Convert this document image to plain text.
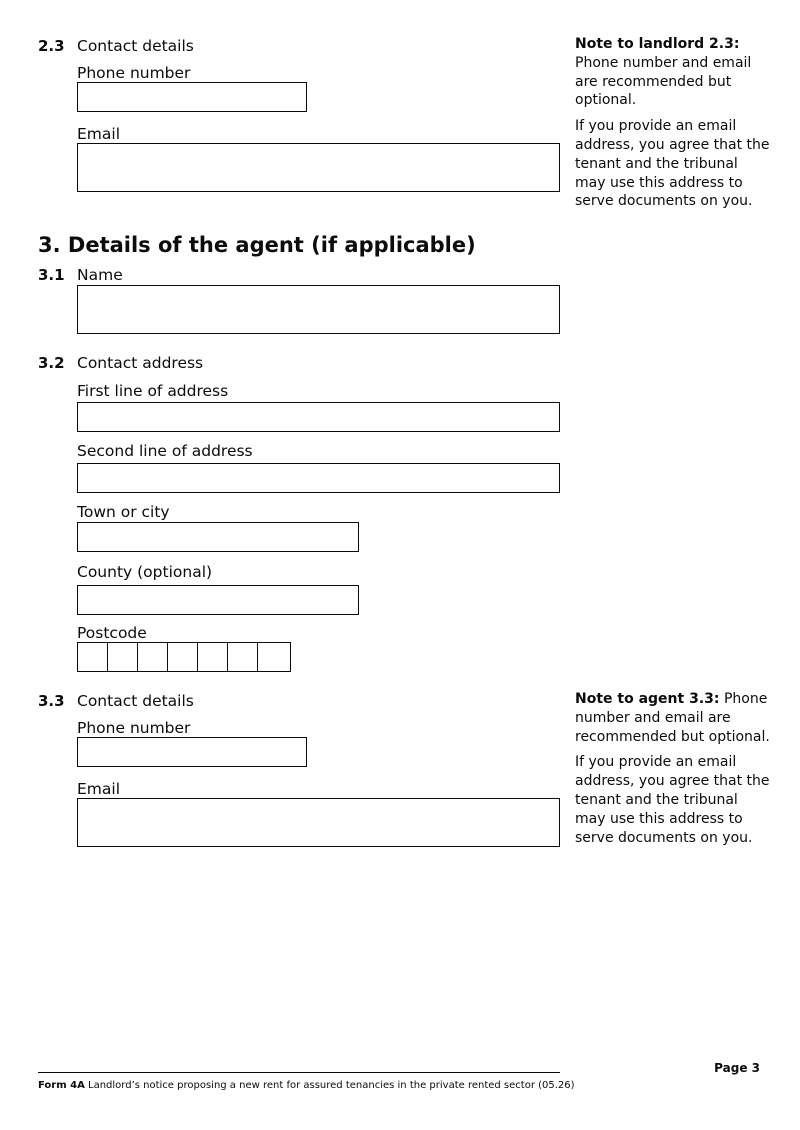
2.3 Contact details
Phone number
Email

Note to landlord 2.3:
Phone number and email are recommended but optional.

If you provide an email address, you agree that the tenant and the tribunal may use this address to serve documents on you.

3. Details of the agent (if applicable)
3.1 Name
3.2 Contact address
First line of address
Second line of address
Town or city
County (optional)
Postcode
3.3 Contact details
Phone number
Email

Note to agent 3.3: Phone number and email are recommended but optional.

If you provide an email address, you agree that the tenant and the tribunal may use this address to serve documents on you.

Form 4A Landlord’s notice proposing a new rent for assured tenancies in the private rented sector (05.26)
Page 3
